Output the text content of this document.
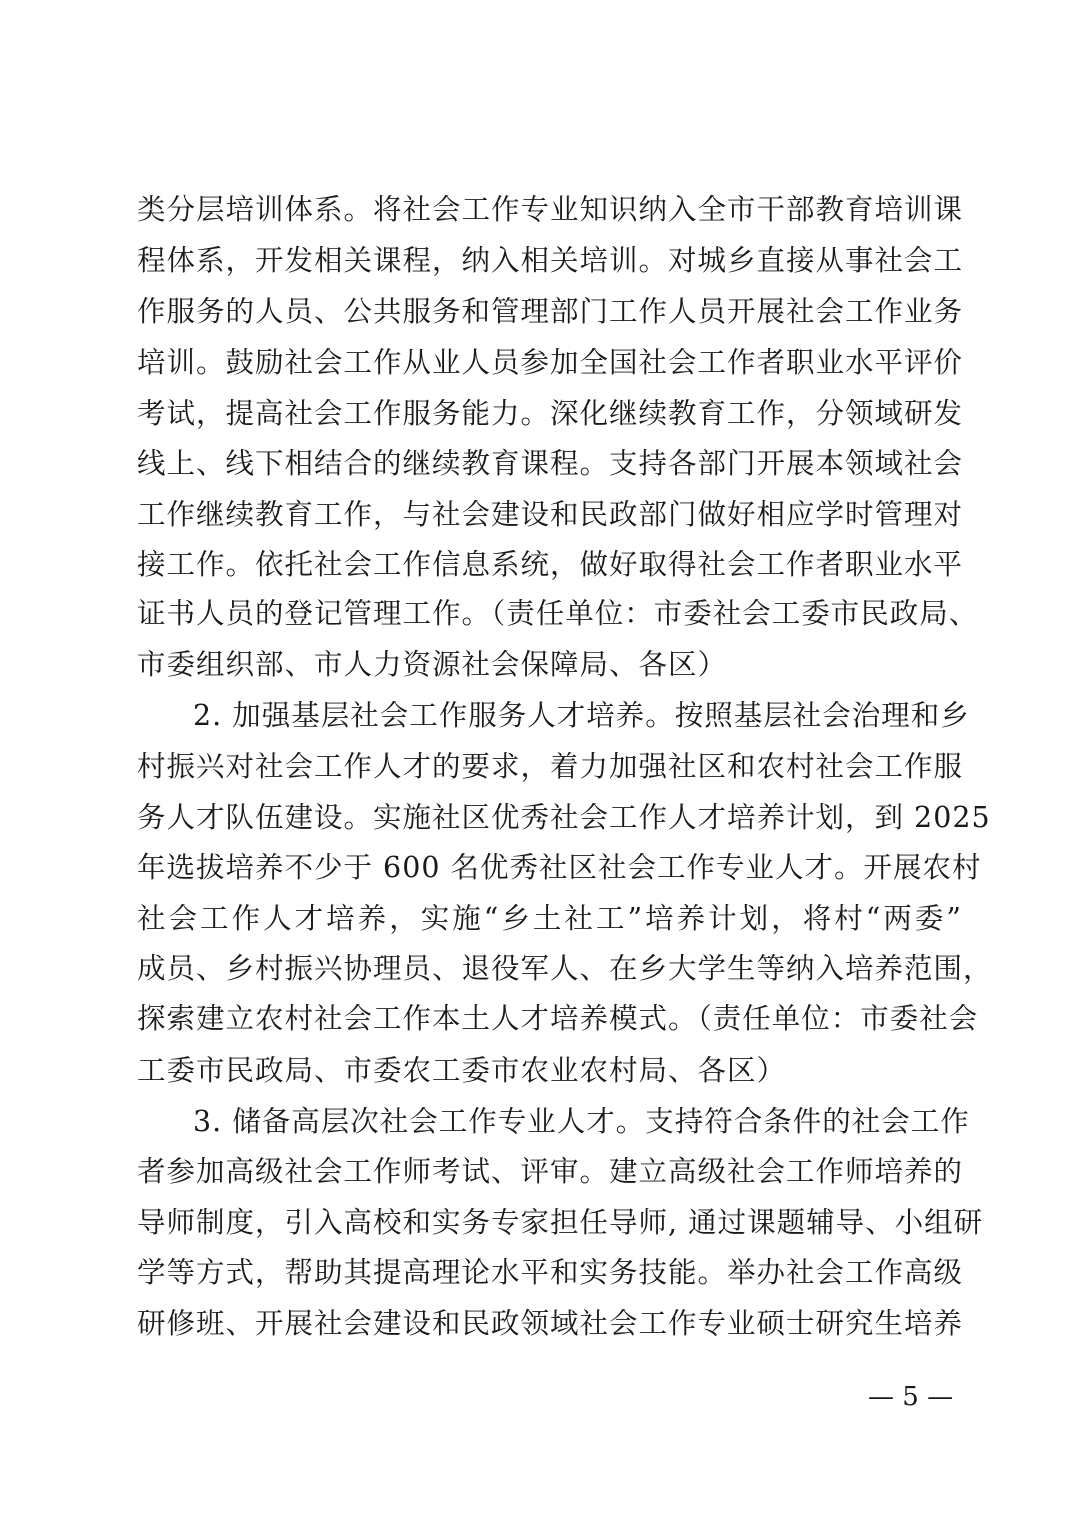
类分层培训体系。将社会工作专业知识纳入全市干部教育培训课
程体系，开发相关课程，纳入相关培训。对城乡直接从事社会工
作服务的人员、公共服务和管理部门工作人员开展社会工作业务
培训。鼓励社会工作从业人员参加全国社会工作者职业水平评价
考试，提高社会工作服务能力。深化继续教育工作，分领域研发
线上、线下相结合的继续教育课程。支持各部门开展本领域社会
工作继续教育工作，与社会建设和民政部门做好相应学时管理对
接工作。依托社会工作信息系统，做好取得社会工作者职业水平
证书人员的登记管理工作。（责任单位：市委社会工委市民政局、
市委组织部、市人力资源社会保障局、各区）
2. 加强基层社会工作服务人才培养。按照基层社会治理和乡
村振兴对社会工作人才的要求，着力加强社区和农村社会工作服
务人才队伍建设。实施社区优秀社会工作人才培养计划，到 2025
年选拔培养不少于 600 名优秀社区社会工作专业人才。开展农村
社会工作人才培养，实施“乡土社工”培养计划，将村“两委”
成员、乡村振兴协理员、退役军人、在乡大学生等纳入培养范围，
探索建立农村社会工作本土人才培养模式。（责任单位：市委社会
工委市民政局、市委农工委市农业农村局、各区）
3. 储备高层次社会工作专业人才。支持符合条件的社会工作
者参加高级社会工作师考试、评审。建立高级社会工作师培养的
导师制度，引入高校和实务专家担任导师, 通过课题辅导、小组研
学等方式，帮助其提高理论水平和实务技能。举办社会工作高级
研修班、开展社会建设和民政领域社会工作专业硕士研究生培养
— 5 —
